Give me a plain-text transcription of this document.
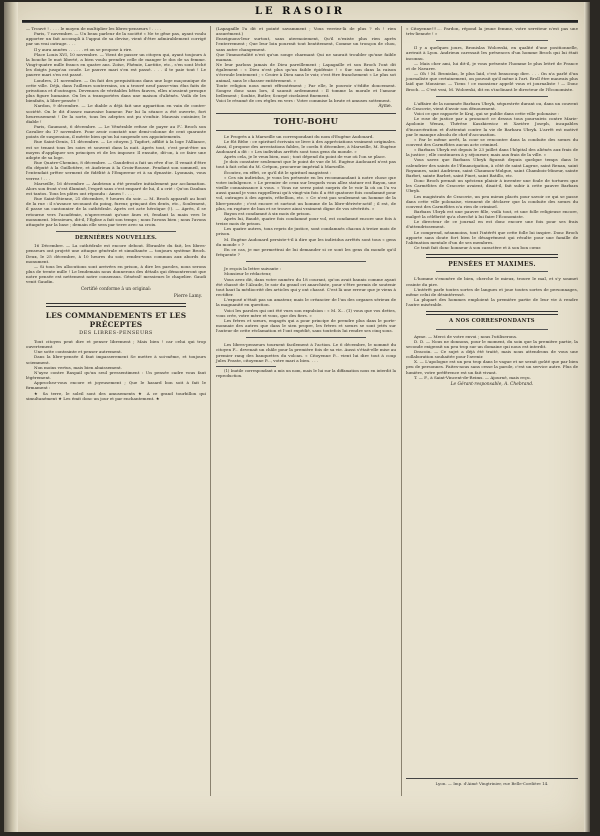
LE RASOIR

— Trouvé ! . . . . le moyen de multiplier les libres-penseurs ! . . . .

Paris, 7 novembre. — Un beau parleur de la société « Ne te gêne pas, ayant voulu apporter un fait accompli à l'appui de sa devise, vient d'être admirablement corrigé par un vrai outrage. . . .

Il y aura années . . . . . . et on se propose à rire.

Place Louis XVI, 10 novembre. — Vient de passer un citoyen qui, ayant toujours à la bouche le mot liberté, a bien voulu prendre celle de manger le dos de sa femme. Vingt-quatre mille francs en quatre ans. Zoïse, Phémie, Laetitie, etc., s'en sont léché les doigts jusqu'au coude. Le pauvre mari s'en est passé. . . . il te paie tout ! Le pauvre mari s'en est passé.

Londres, 21 novembre. — On fait des perquisitions dans une loge maçonnique de cette ville. Déjà, dans l'ailleurs souterrains, on a trouvé neuf passe-vins élus faits de privations et d'outrages. Devenues de véritables bêtes fauves, elles n'avaient presque plus figure humaine. On les a transportées dans une maison d'aliénés. Voilà de les bienfaits, à libre-pensée !

Nardon, 9 décembre. — Le diable a déjà fait une apparition en vain de contre-société. On le dit d'assez mauvaise humeur. Par lui la séance a été ouverte, fort heureusement ! De la sorte, tous les adeptes ont pu s'enfuir. Mauvais cuisinier, le diable !

Paris, Gaumont, 6 décembre. — Le Vénérable refuse de payer au F∴ Broch son Cavalier du 17 novembre. Pour avoir constaté une demi-colonne de cent quarante points de suspension, il mérite bien qu'on lui suspende ses appointements.

Rue Saint-Denis, 11 décembre. — Le citoyen J. Tapfort, affilié à la loge l'Alliance, est se tenant tous les soirs et souvent dans la nuit. Après tout, c'est peut-être un moyen d'appliquer ses principes et de les imposer. Il ensuite, dit-on, à ce faire une adopte de sa loge.

Rue Quatre-Chemins, 8 décembre. — Gaudefroi a fait un rêve d'or. Il venait d'être élu député à la Guillotière, et Audrieux à la Croix-Rousse. Pendant son sommeil, on l'entendait prêter serment de fidélité à l'Empereur et à sa dynastie. Lyonnais, vous verrez ! . . .

Marseille, 16 décembre — Andrieux a été prendre initialement par acclamation. Alors son front s'est illuminé, l'esprit sans c'est emparé de lui, il a crié : Qu'on Dauban est tantos. Tous les pâtes ont répondu : Amen ! . . . .

Rue Saint-Étienne, 21 décembre, 9 heures du soir. — M. Broch apparaît au bout de la rue : il s'avance secouant du poing, fureur, grinçant des dents, etc., Soulement, il passe un cantonnier de la cathédrale. Après cet acte héroïque (!). — Après, il se retourne vers l'académie, n'apercevant qu'une ânes et, fendant la main vers le monument. Messieurs, dit-il, l'Église a fait son temps ; nous l'avons bien ; nous l'avons attaquée par la base ; demain elle sera par terre avec sa croix.

DERNIÈRES NOUVELLES.

16 Décembre. — La cathédrale est encore debout. Ébranlée du fait, les libres-penseurs ont projeté une attaque générale et simultanée — toujours système Broch. Deux, le 25 décembre, à 10 heures du soir, rendez-vous commun aux abords du monument.

— Si tous les allocutions sont arrivées en prison, à dire les paroles, nous serons plus de trente mille ! Le lendemain nous donnerons des détails qui démontreront que notre pensée est nettement notre consensus. Général! messieurs le chapelier. Gaudi venit Gaudin.

Certifié conforme à un original:
Pierre Lamy.
LES COMMANDEMENTS ET LES PRÉCEPTES
DES LIBRES-PENSEURS

Tout citoyen peut dire et penser librement ; Mais bien ! car celui qui trop ouvertement

Une sotte contrainte et penser autrement.

Dans la libre-pensée il faut impasserement Se mettre à soi-même, et toujours sciemment.

Non moins vertus, mais bien abaissement.

N'ayez contre Raspail qu'un seul pressentiment : Un pensée cadre vous faut légèrement.

Approchez-vous encore et joyeusement ; Que le hasard bon soit à fait le firmament :

★ Sa terre, le soleil sont des amusements ★ A ce grand tourbillon qui simultanément ★ Les émit donc un jour et par enchantement. ★

(Lapagaille l'a dit et pointé savamment ; Vous verriez-là de plus ? eh ! rien assurément.)

Enseignons-leur surtout, sans atermoiement, Qu'il n'existe plus rien après l'enterrement ; Que leur loin pourrait tout beatitement, Comme un tronçon de chou, sans autre changement.

Que l'immortalité n'est qu'un songe charmant Qui ne saurait troubler qu'une faible maman.

Ne leur parlons jamais de Dieu pareillement ; Lapagaille et son Broch l'ont dit également : « Dieu n'est plus qu'un faible épidémie ! » Sur son dans la raison s'écroule lentement ; « Croire à Dieu sans le voir, c'est être franchement « Le plus sot animal, sans le chasser entièrement. »

Toute religion nous ment effrontément ; Par elle, le pouvoir s'édifie doucement. Songez donc sans lors, il saurait ardemment : Il tomme la morale et l'amour bellement ; Soubie, Butler, Scurpé ciselaient finement.

Voici le résumé de ces règles en vers : Votre commise la brute et amuses sottement.

Ayme.
TOHU-BOHU

Le Progrès a à Marseille un correspondant du nom d'Eugène Audouard.

Le fût Bèbe : ce spirituel écrivain se livre à des appréciations vraiment originales. Ainsi, il propose des arrestations fables, le cordu 8 décembre, à Marseille, M. Eugène Audouard a dit : « Les individus arrêtés sont tous gens du monde. »

Après cela, je le veux bien, moi ; tout dépend du point de vue où l'on se place.

Je dois constater seulement que le point de vue de M. Eugène Audouard n'est pas tout à fait celui du M. Crépon, procureur impérial à Marseille.

Écoutez, en effet, ce qu'il dit le spirituel magistrat :

« Ces six individus, je vous les présente en les recommandant à notre chose que votre indulgence. « Le premier de ceux sur lesquels vous allez statuer est Bayon, une vieille connaissance à vous. « Vous ne serez point surpris de le voir là où on l'a vu aussi quand je vous rappellerai qu'à vingt-six fois il a été quatorze fois condamné pour vol, outrages à des agents, rébellion, etc. « Ce n'est pas seulement un homme de la libre-pensée ; c'est encore et surtout un homme de la libre-dérivée-actif ; il est, de plus, en rupture de ban et se trouve ainsi vraiment digne de vos sévérités. »

Bayon est condamné à six mois de prison.

Après lui, Baudé, quatre fois condamné pour vol, est condamné encore une fois à treize mois de prison.

Les quatre autres, tous repris de justice, sont condamnés chacun à treize mois de prison.

M. Eugène Audouard persiste-t-il à dire que les individus arrêtés sont tous « gens du monde » ?

En ce cas, je me permettrai de lui demander si ce sont les gens du monde qu'il fréquente ?

Je reçois la lettre suivante :

Monsieur le rédacteur,

Vous avez dit, dans votre numéro du 18 courant, qu'on avait bannis comme ayant été chassé de l'Alcade, le soir du grand cri anarchiste, pour s'être permis de soutenir tout haut la médiocrité des articles qui y ont chassé. C'est là une erreur que je viens à rectifier.

L'exposé n'était pas un amateur, mais le créancier de l'un des organes sérieux de la magnanité en question.

Voici les paroles qui ont été vues son expulsion : « M. X... (1) vous que vos dettes, vous crée, votre mère et vous, que des fiers. »

Les frères et sœurs, engagés qui a pour principe de prendre plus dans le porte-monnaie des autres que dans le sien propre, les frères et sœurs se sont jetés sur l'auteur de cette réclamation et l'ont expédié, sans toutefois lui rendre ses cinq sous.

Les libres-penseurs tournent facilement à l'action. Le 6 décembre, le nommé du citoyen F... devenait un châle pour la première fois de sa vie. Aussi s'était-elle mise au premier rang des banquettes du volcan. « Citoyenne P... vient lui dire tout à coup Jules Fraste, citoyenne P..., votre mari a bien. . . .

(1) Inutile correspondant a mis un nom, mais le lui sur la diffamation nous en interdit la reproduction.

« Citoyenne!!!.... Pardon, répond la jeune femme, votre serviteur n'est pas une très-liennée ! »

Il y a quelques jours, Bronislas Wolowski, en qualité d'une positionnelle, arrivait à Lyon. Andrieux caressait les présences d'un homme Broch qui lui était inconnu.

— Mais cher ami, lui dit-il, je vous présente l'homme le plus lettré de France et de Navarre.

— Oh ! M. Bronislas, le plus laid, c'est beaucoup dire. . . . On n'a parlé d'un journaliste que certainement, on pouvait qu'il mène à l'art. Broll être mauvais plus laid que Monsieur. — Tiens ! ce monsieur appelé vous et journaliste ! — Donc Broch. — C'est vrai, M. Wolowski, dit en s'inclinant le directeur de l'Économiste.

L'affaire de la nommée Barbara Ubryk, séquestrée durant ou, dans un couvent de Cracovie, vient d'avoir son dénouement.

Voici ce que rapporte le Kraj, qui se publie dans cette ville polonaise :

Le rose de justice par a prononcé ce dessus tous poursuivis contre Marie-Apolonie Wenza, Thérèse Kaszkiewicz et Xavière Joseph, incapables d'incarcération et d'attentat contre la vie de Barbara Ubryk. L'arrêt est motivé par le manque absolu de chef d'accusation.

« Par le même arrêt, la cour se rencontre dans la conduite des sœurs du couvent des Carmélites aucun acte criminel.

« Barbara Ubryk est depuis le 23 juillet dans l'hôpital des aliénés aux frais de la justice ; elle continuera à y séjourner, mais aux frais de la ville. »

Vous savez que Barbara Ubryk figurait depuis quelque temps dans le calendrier des saints de l'Émancipation, à côté de saint Lagrue, saint Renan, saint Royannes, saint Audrieux, saint Chaumon-Molgue, saint Chambois-Mineur, sainte Barbet, sainte Barbet, saint Pinet, saint Batillo, etc.

Donc Broch prenait un spécieux plaisir à inventer une foule de tortures que les Carmélites de Cracovie avaient, disait-il, fait subir à cette pauvre Barbara Ubryk.

Les magistrats de Cracovie, un peu mieux placés pour savoir ce qui se passe dans cette ville polonaise, viennent de déclarer que la conduite des sœurs du couvent des Carmélites n'a rien de criminel.

Barbara Ubryk est une pauvre fille, voilà tout, et une folle religieuse encore, malgré la célébrité qu'a cherché à lui faire l'Économiste.

Le directeur de ce journal en est donc encore une fois pour ses frais d'attendrissement.

Le comprend, néanmoins, tout l'intérêt que cette folle lui inspire. Donc Broch apporte sans doute fort bien le désagrément qui résulte pour une famille de l'aliénation mentale d'un de ses membres.

Ce trait fait donc honneur à son caractère et à son bon cœur.

PENSÉES ET MAXIMES.

L'homme s'exonère de bien, cherche le mieux, trouve le mal, et s'y soumet crainte du pire.

L'intérêt parle toutes sortes de langues et joue toutes sortes de personnages, même celui de désintéressé.

La plupart des hommes emploient la première partie de leur vie à rendre l'autre misérable.

A NOS CORRESPONDANTS

Ayme. — Merci de votre envoi ; nous l'utiliserons.

D. D. — Nous ne donnons, pour le moment, du soin que la première partie, la seconde exigerait un peu trop sur un domaine qui nous est interdit.

Dracoin. — Ce sujet a déjà été traité, mais nous attendrons de vous une collaboration souhaitée pour l'avenir.

X. — L'apologue est un peu trop dans le vague et ne serait goûté que par bien peu de personnes. Faites-nous sans cesse la parole, c'est un service autre. Plus de lumière, votre préférence est un fait vivant.

T. — F., à Saint-Vincent-de-Reims. — Ajourné, mais reçu.

Le Gérant-responsable, A. Chebrand.
Lyon. — Imp. d'Aimé Vingtrinier, rue Belle-Cordière 14.
